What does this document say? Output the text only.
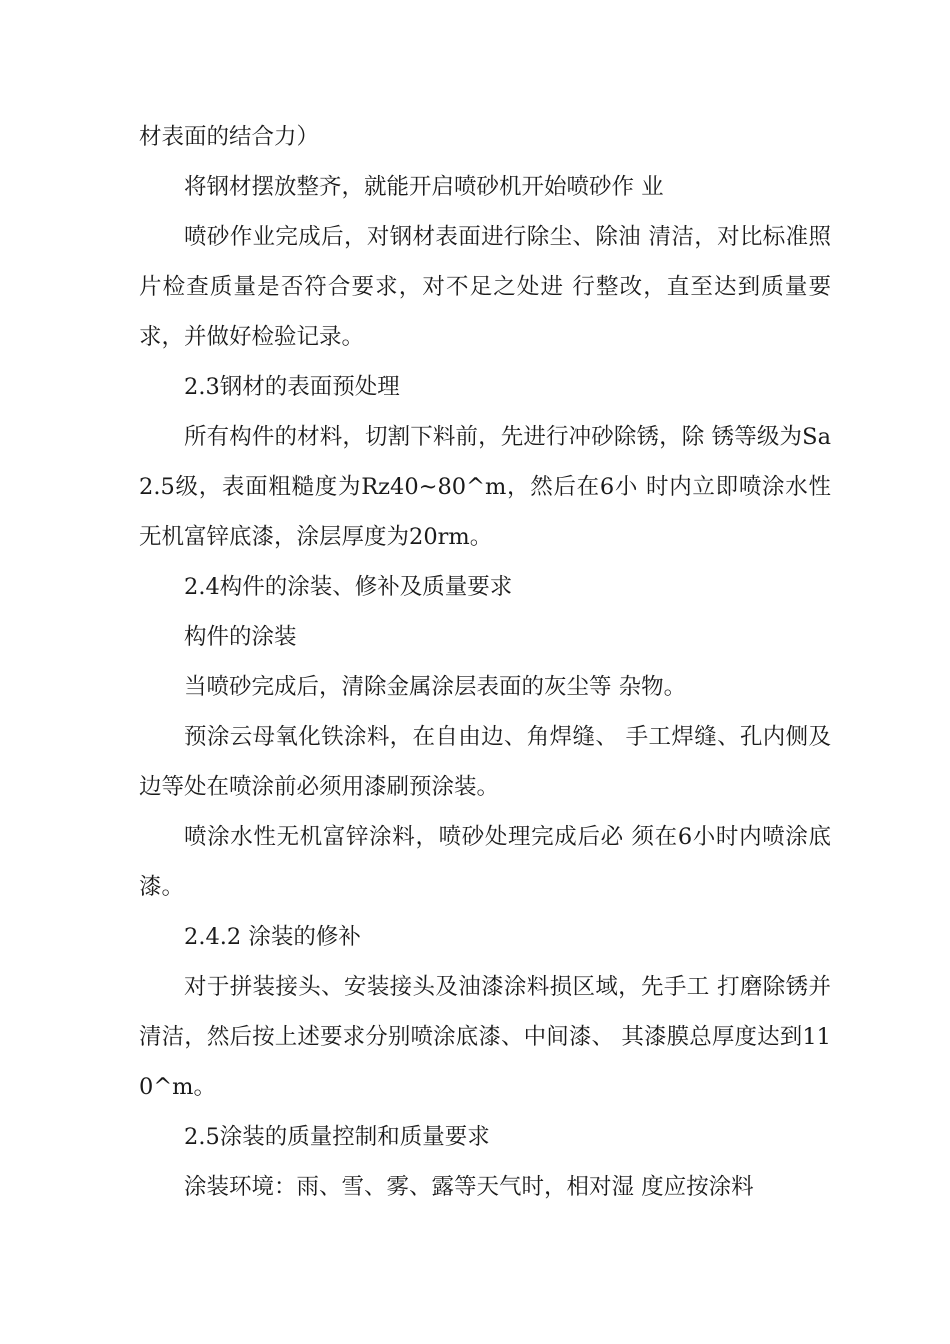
材表面的结合力）

将钢材摆放整齐，就能开启喷砂机开始喷砂作 业

喷砂作业完成后，对钢材表面进行除尘、除油 清洁，对比标准照片检查质量是否符合要求，对不足之处进 行整改，直至达到质量要求，并做好检验记录。

2.3钢材的表面预处理

所有构件的材料，切割下料前，先进行冲砂除锈，除 锈等级为Sa2.5级，表面粗糙度为Rz40~80^m，然后在6小 时内立即喷涂水性无机富锌底漆，涂层厚度为20rm。

2.4构件的涂装、修补及质量要求

构件的涂装

当喷砂完成后，清除金属涂层表面的灰尘等 杂物。

预涂云母氧化铁涂料，在自由边、角焊缝、 手工焊缝、孔内侧及边等处在喷涂前必须用漆刷预涂装。

喷涂水性无机富锌涂料，喷砂处理完成后必 须在6小时内喷涂底漆。

2.4.2 涂装的修补

对于拼装接头、安装接头及油漆涂料损区域，先手工 打磨除锈并清洁，然后按上述要求分别喷涂底漆、中间漆、 其漆膜总厚度达到110^m。

2.5涂装的质量控制和质量要求

涂装环境：雨、雪、雾、露等天气时，相对湿 度应按涂料
